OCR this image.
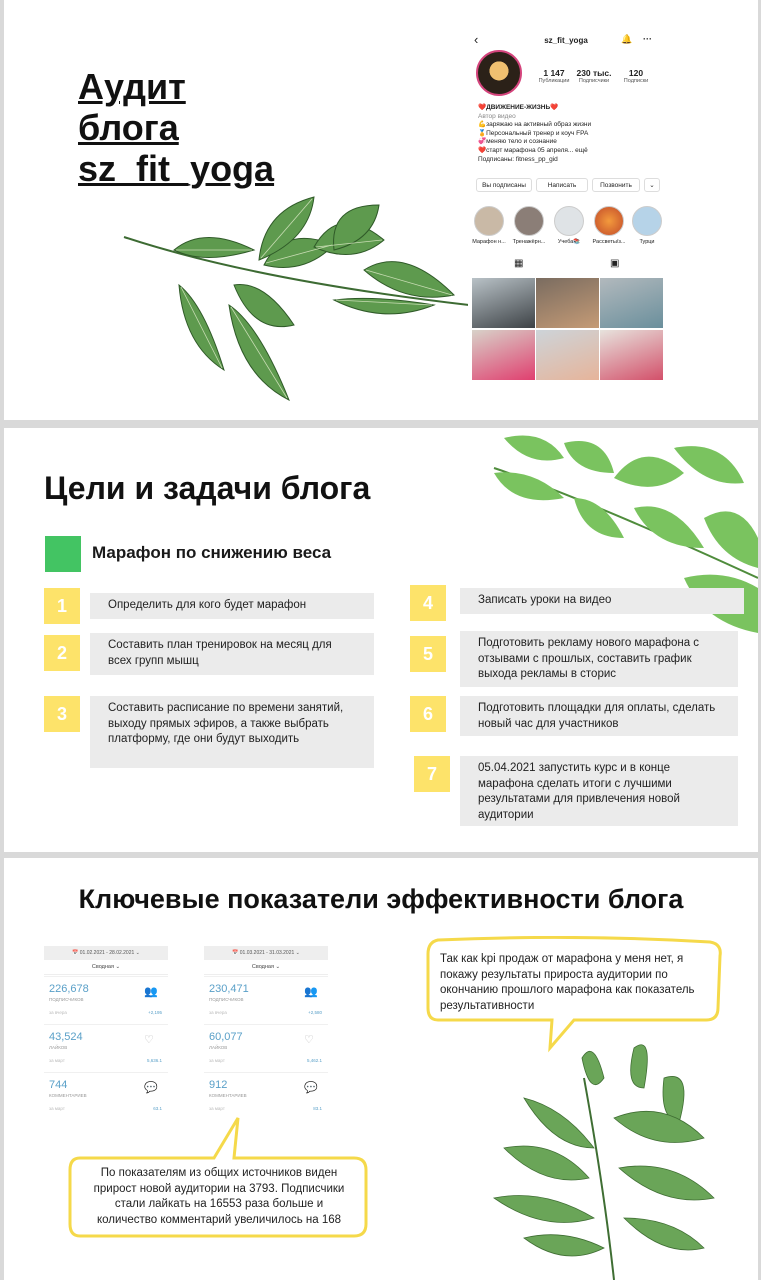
Аудит
блога
sz_fit_yoga
‹	sz_fit_yoga	🔔 ···
1 147
Публикации
230 тыс.
Подписчики
120
Подписки
❤️ДВИЖЕНИЕ-ЖИЗНЬ❤️
Автор видео
💪заряжаю на активный образ жизни
🏅Персональный тренер и коуч FPA
💞меняю тело и сознание
❤️старт марафона 05 апреля... ещё
Подписаны: fitness_pp_gid
Вы подписаны	Написать	Позвонить	⌄
Марафон н... Тренажёрн...	Учеба📚	Рассветы/з...	Турци
▦	▣
Цели и задачи блога
Марафон по снижению веса
1	Определить для кого будет марафон
2	Составить план тренировок на месяц для всех групп мышц
3	Составить расписание по времени занятий, выходу прямых эфиров, а также выбрать платформу, где они будут выходить
4	Записать уроки на видео
5
Подготовить рекламу нового марафона с отзывами с прошлых, составить график выхода рекламы в сторис
6	Подготовить площадки для оплаты, сделать новый час для участников
7	05.04.2021 запустить курс и в конце марафона сделать итоги с лучшими результатами для привлечения новой аудитории
Ключевые показатели эффективности блога
📅 01.02.2021 - 28.02.2021 ⌄
Сводная ⌄
226,678
ПОДПИСЧИКОВ
за вчера	+2,195
👥
43,524
ЛАЙКОВ
за март	5,636.1
♡
744
КОММЕНТАРИЕВ
за март	63.1
💬
📅 01.03.2021 - 31.03.2021 ⌄
Сводная ⌄
230,471
ПОДПИСЧИКОВ
за вчера	+2,580
👥
60,077
ЛАЙКОВ
за март	5,462.1
♡
912
КОММЕНТАРИЕВ
за март	83.1
💬
Так как kpi продаж от марафона у меня нет, я покажу результаты прироста аудитории по окончанию прошлого марафона как показатель результативности
По показателям из общих источников виден прирост новой аудитории на 3793. Подписчики стали лайкать на 16553 раза больше и количество комментарий увеличилось на 168
